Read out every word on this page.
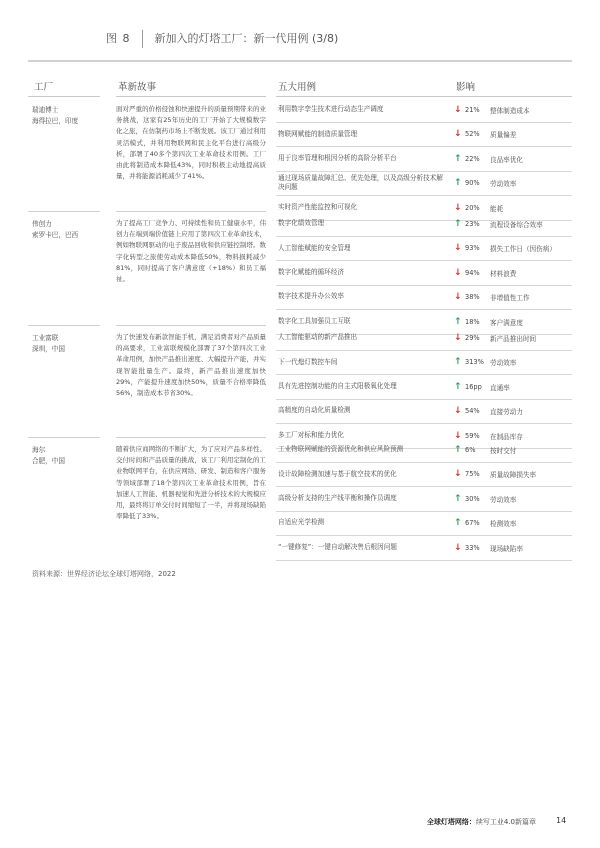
图 8 新加入的灯塔工厂：新一代用例 (3/8)
工厂	革新故事	五大用例	影响
瑞迪博士
海得拉巴，印度
面对严重的价格侵蚀和快速提升的质量预期带来的业务挑战，这家有25年历史的工厂开始了大规模数字化之旅，在仿制药市场上不断发展。该工厂通过利用灵活模式，并利用物联网和民主化平台进行高级分析，部署了40多个第四次工业革命技术用例。工厂由此将制造成本降低43%，同时积极主动地提高质量，并将能源消耗减少了41%。
利用数字孪生技术进行动态生产调度	↓ 21% 整体制造成本
物联网赋能的制造质量管理	↓ 52% 质量偏差
用于良率管理和根因分析的高阶分析平台	↑ 22% 良品率优化
通过现场质量故障汇总、优先处理，以及高级分析技术解决问题	↑ 90% 劳动效率
实时资产性能监控和可视化	↓ 20% 能耗
伟创力
索罗卡巴，巴西
为了提高工厂竞争力、可持续性和员工健康水平，伟创力在端到端价值链上应用了第四次工业革命技术，例如物联网驱动的电子废品回收和供应链控制塔。数字化转型之旅使劳动成本降低50%，物料损耗减少81%，同时提高了客户满意度（+18%）和员工福祉。
数字化绩效管理	↑ 23% 流程设备综合效率
人工智能赋能的安全管理	↓ 93% 损失工作日（因伤病）
数字化赋能的循环经济	↓ 94% 材料浪费
数字技术提升办公效率	↓ 38% 非增值性工作
数字化工具加强员工互联	↑ 18% 客户满意度
工业富联
深圳，中国
为了快速发布新款智能手机，满足消费者对产品质量的高要求，工业富联规模化部署了37个第四次工业革命用例，加快产品推出速度、大幅提升产能，并实现智能批量生产。最终，新产品推出速度加快29%，产能提升速度加快50%，质量不合格率降低56%，制造成本节省30%。
人工智能驱动的新产品推出	↓ 29% 新产品推出时间
下一代熄灯数控车间	↑ 313% 劳动效率
具有先进控制功能的自主式阳极氧化处理	↑ 16pp 直通率
高精度的自动化质量检测	↓ 54% 直接劳动力
多工厂对标和能力优化	↓ 59% 在制品库存
海尔
合肥，中国
随着供应商网络的不断扩大，为了应对产品多样性、交付时间和产品质量的挑战，该工厂利用定制化的工业物联网平台，在供应网络、研发、制造和客户服务等领域部署了18个第四次工业革命技术用例，旨在加速人工智能、机器视觉和先进分析技术的大规模应用，最终将订单交付时间缩短了一半，并将现场缺陷率降低了33%。
工业物联网赋能的资源优化和供应风险预测	↑ 6% 按时交付
设计故障检测加速与基于航空技术的优化	↓ 75% 质量故障损失率
高级分析支持的生产线平衡和操作员调度	↑ 30% 劳动效率
自适应光学检测	↑ 67% 检测效率
“一键修复”：一键自动解决售后根因问题	↓ 33% 现场缺陷率
资料来源：世界经济论坛全球灯塔网络，2022
全球灯塔网络：续写工业4.0新篇章	14
